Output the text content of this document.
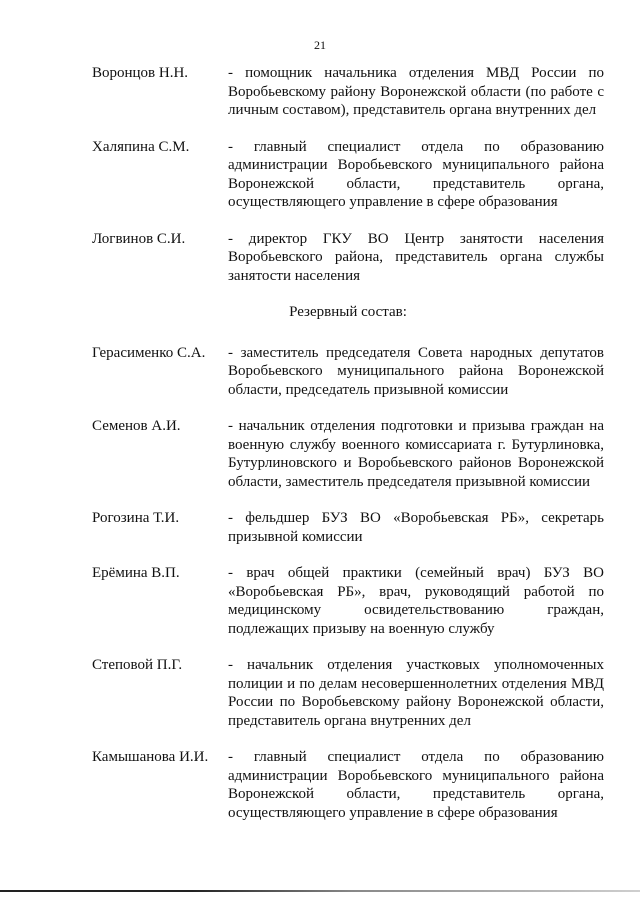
21
Воронцов Н.Н.	- помощник начальника отделения МВД России по Воробьевскому району Воронежской области (по работе с личным составом), представитель органа внутренних дел
Халяпина С.М.	- главный специалист отдела по образованию администрации Воробьевского муниципального района Воронежской области, представитель органа, осуществляющего управление в сфере образования
Логвинов С.И.	- директор ГКУ ВО Центр занятости населения Воробьевского района, представитель органа службы занятости населения
Резервный состав:
Герасименко С.А.	- заместитель председателя Совета народных депутатов Воробьевского муниципального района Воронежской области, председатель призывной комиссии
Семенов А.И.	- начальник отделения подготовки и призыва граждан на военную службу военного комиссариата г. Бутурлиновка, Бутурлиновского и Воробьевского районов Воронежской области, заместитель председателя призывной комиссии
Рогозина Т.И.	- фельдшер БУЗ ВО «Воробьевская РБ», секретарь призывной комиссии
Ерёмина В.П.	- врач общей практики (семейный врач) БУЗ ВО «Воробьевская РБ», врач, руководящий работой по медицинскому освидетельствованию граждан, подлежащих призыву на военную службу
Степовой П.Г.	- начальник отделения участковых уполномоченных полиции и по делам несовершеннолетних отделения МВД России по Воробьевскому району Воронежской области, представитель органа внутренних дел
Камышанова И.И.	- главный специалист отдела по образованию администрации Воробьевского муниципального района Воронежской области, представитель органа, осуществляющего управление в сфере образования
